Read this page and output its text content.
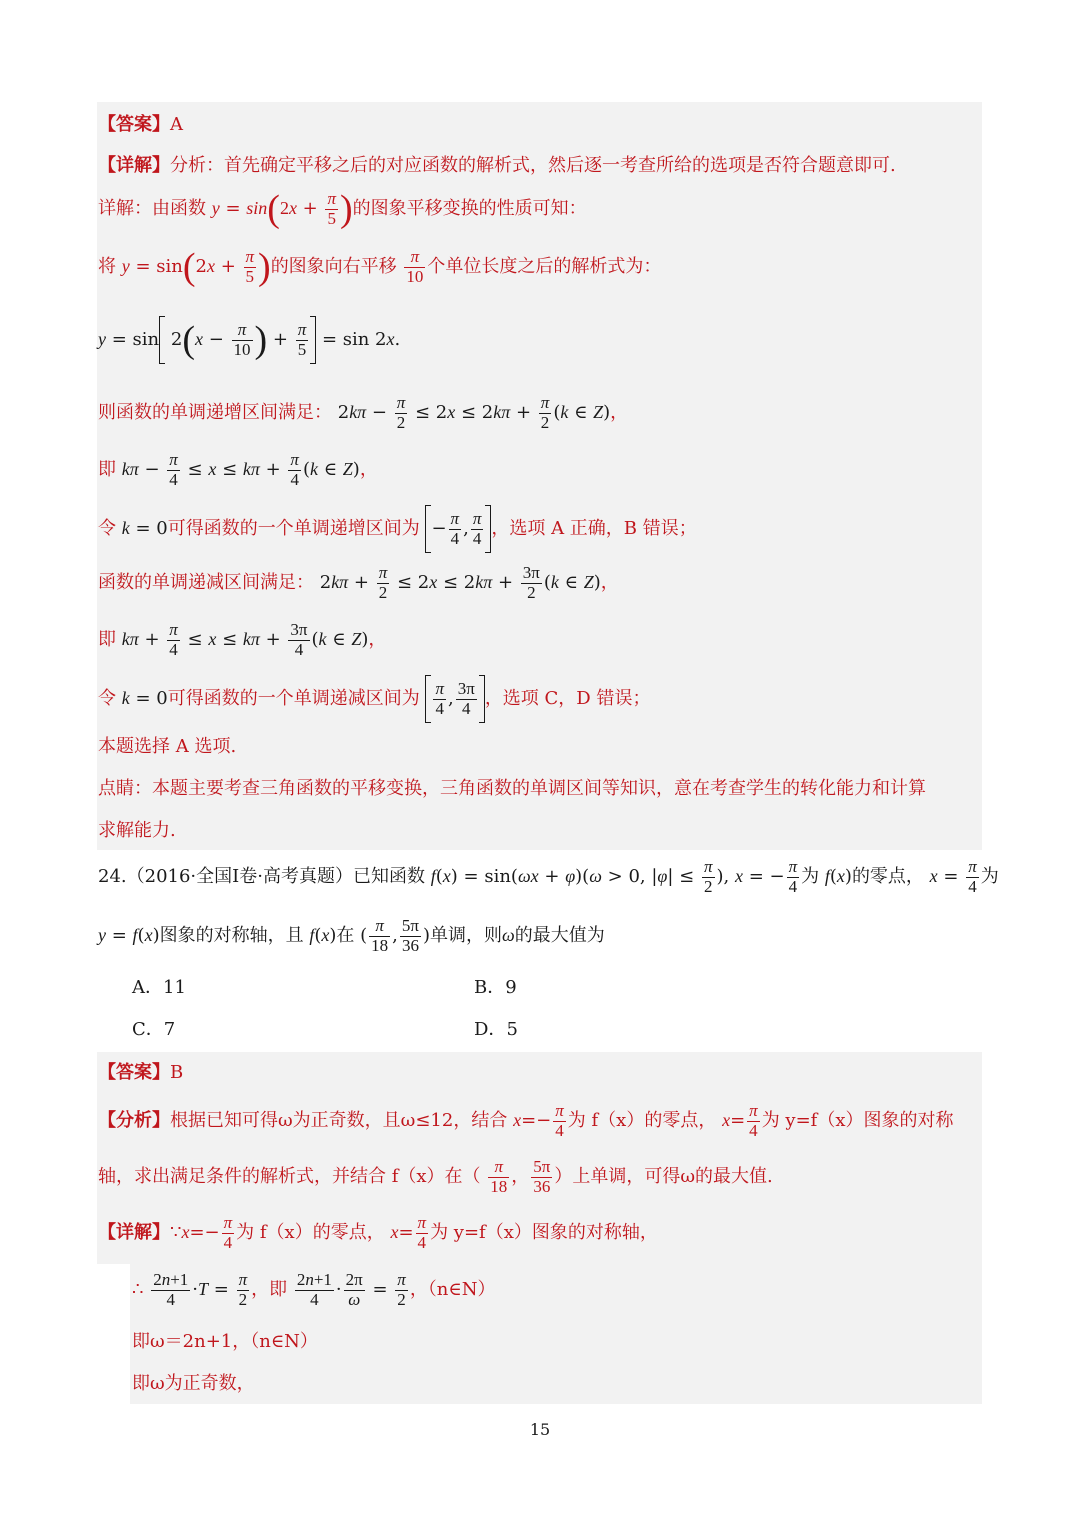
【答案】A
【详解】分析：首先确定平移之后的对应函数的解析式，然后逐一考查所给的选项是否符合题意即可.
详解：由函数 $y = \sin(2x + \frac{\pi}{5}$ )的图象平移变换的性质可知：
将 $y = \sin(2x + \frac{\pi}{5}$ )的图象向右平移 $\frac{\pi}{10}$ 个单位长度之后的解析式为：
$y = \sin 2(x - \frac{\pi}{10}$ ) + $\frac{\pi}{5} = \sin 2x$.
则函数的单调递增区间满足： $2k\pi - \frac{\pi}{2} \le 2x \le 2k\pi + \frac{\pi}{2} (k$ ∈ Z)，
即 $k\pi - \frac{\pi}{4} \le x \le k\pi + \frac{\pi}{4} (k$ ∈ Z)，
令 k = 0可得函数的一个单调递增区间为 − $\frac{\pi}{4}$ , $\frac{\pi}{4}$ ，选项 A 正确，B 错误；
函数的单调递减区间满足： $2k\pi + \frac{\pi}{2} \le 2x \le 2k\pi + \frac{3\pi}{2} (k$ ∈ Z)，
即 $k\pi + \frac{\pi}{4} \le x \le k\pi + \frac{3\pi}{4} (k$ ∈ Z)，
令 k = 0可得函数的一个单调递减区间为 $\frac{\pi}{4}$ , $\frac{3\pi}{4}$ ，选项 C，D 错误；
本题选择 A 选项.
点睛：本题主要考查三角函数的平移变换，三角函数的单调区间等知识，意在考查学生的转化能力和计算
求解能力.
24.（2016·全国Ⅰ卷·高考真题）已知函数 f(x) = sin(ωx + φ)(ω > 0, $|\varphi| \le \frac{\pi}{2}$ ), x = − $\frac{\pi}{4}$ 为 f(x)的零点， $x = \frac{\pi}{4}$ 为
y = f(x)图象的对称轴，且 f(x)在 ( $\frac{\pi}{18}$ , $\frac{5\pi}{36}$ )单调，则ω的最大值为
A．11	B．9
C．7	D．5
【答案】B
【分析】根据已知可得ω为正奇数，且ω≤12，结合 $x=- \frac{\pi}{4}$ 为 f（x）的零点， $x= \frac{\pi}{4}$ 为 y=f（x）图象的对称
轴，求出满足条件的解析式，并结合 f（x）在（ $\frac{\pi}{18}$ ， $\frac{5\pi}{36}$ ）上单调，可得ω的最大值.
【详解】∵x=− $\frac{\pi}{4}$ 为 f（x）的零点， $x= \frac{\pi}{4}$ 为 y=f（x）图象的对称轴，
∴ $\frac{2n+1}{4} \cdot T = \frac{\pi}{2}$ ，即 $\frac{2n+1}{4} \cdot \frac{2\pi}{\omega} = \frac{\pi}{2}$ ，（n∈N）
即ω＝2n+1，（n∈N）
即ω为正奇数，
15
